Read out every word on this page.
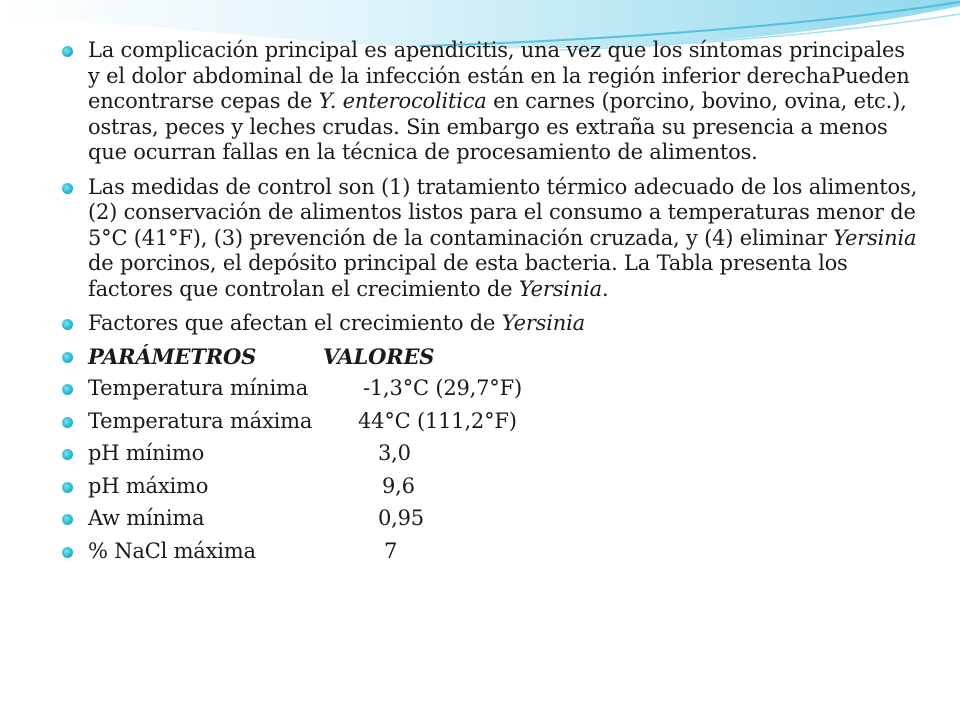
La complicación principal es apendicitis, una vez que los síntomas principales y el dolor abdominal de la infección están en la región inferior derechaPueden encontrarse cepas de Y. enterocolitica en carnes (porcino, bovino, ovina, etc.), ostras, peces y leches crudas. Sin embargo es extraña su presencia a menos que ocurran fallas en la técnica de procesamiento de alimentos.
Las medidas de control son (1) tratamiento térmico adecuado de los alimentos, (2) conservación de alimentos listos para el consumo a temperaturas menor de 5°C (41°F), (3) prevención de la contaminación cruzada, y (4) eliminar Yersinia de porcinos, el depósito principal de esta bacteria. La Tabla presenta los factores que controlan el crecimiento de Yersinia.
Factores que afectan el crecimiento de Yersinia
PARÁMETROS	VALORES
Temperatura mínima	-1,3°C (29,7°F)
Temperatura máxima 44°C (111,2°F)
pH mínimo	3,0
pH máximo	9,6
Aw mínima	0,95
% NaCl máxima	7
